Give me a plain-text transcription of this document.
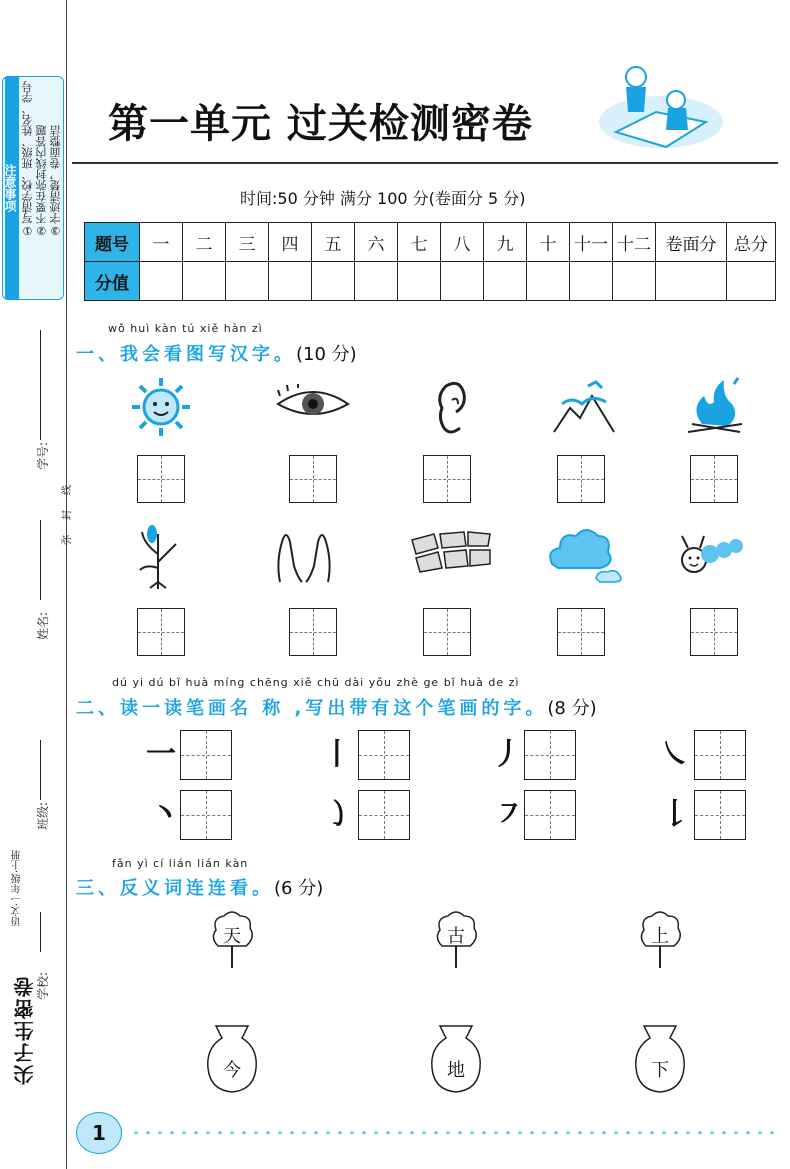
注意事项 ①写清学校、班级、姓名、学号 ②不要在弥封线内答题 ③字迹清楚，卷面整洁
学校:
班级:
姓名:
学号:
弥
封
线
语文·一年级·上册
尖子生密卷
第一单元 过关检测密卷
时间:50 分钟 满分 100 分(卷面分 5 分)
题号	一	二	三	四	五	六	七	八	九	十	十一	十二	卷面分	总分
分值														
wǒ huì kàn tú xiě hàn zì
一、我会看图写汉字。(10 分)
dú yi dú bǐ huà míng chēng xiě chū dài yǒu zhè ge bǐ huà de zì
二、读一读笔画名 称 ,写出带有这个笔画的字。(8 分)
一	丨	丿	㇏
丶	㇁	㇇	𠄌
fǎn yì cí lián lián kàn
三、反义词连连看。(6 分)
天	古	上
今	地	下
1
